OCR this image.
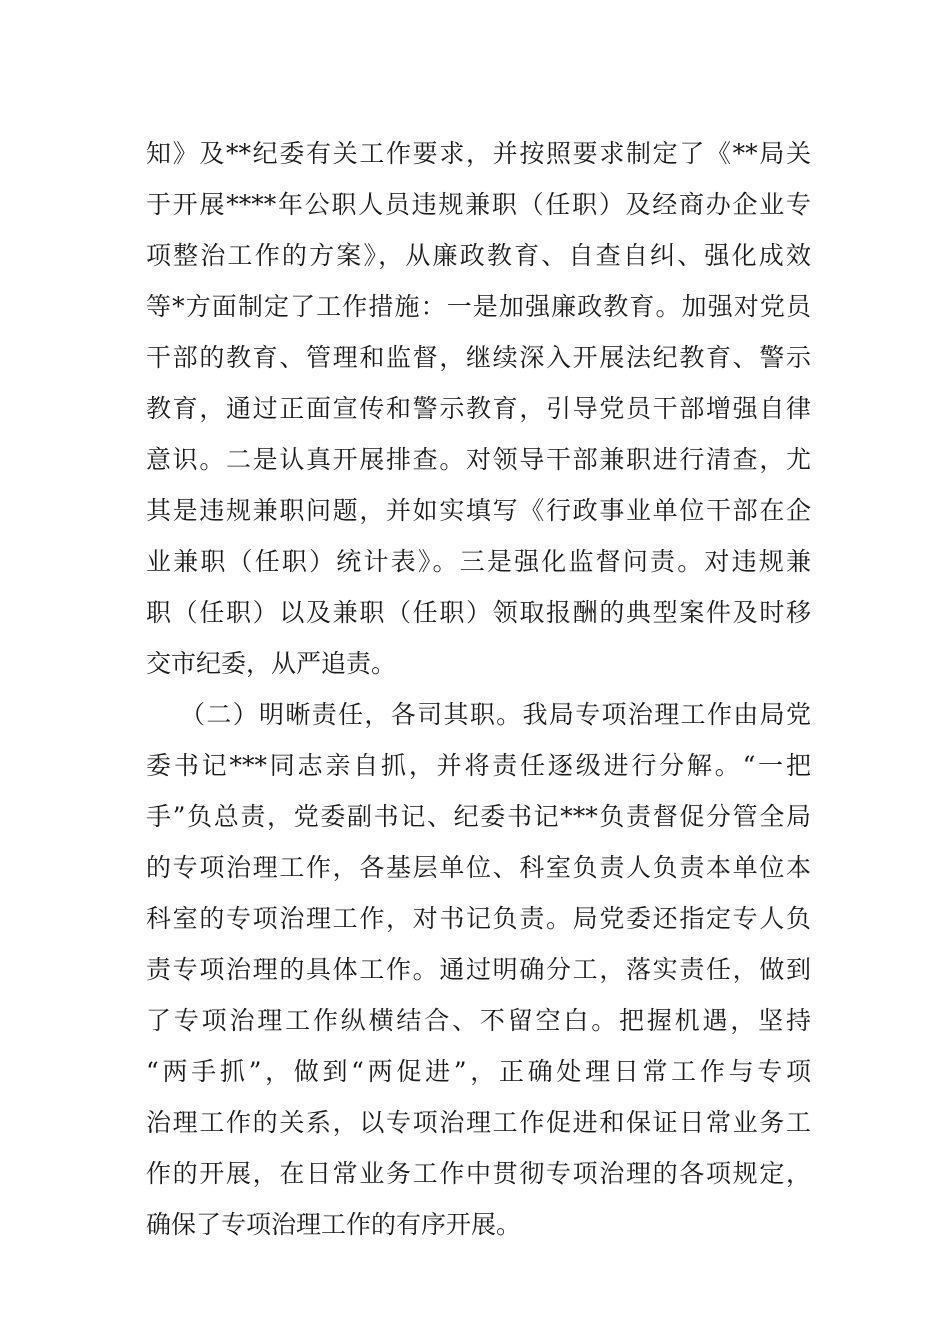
知》及**纪委有关工作要求，并按照要求制定了《**局关
于开展****年公职人员违规兼职（任职）及经商办企业专
项整治工作的方案》，从廉政教育、自查自纠、强化成效
等*方面制定了工作措施：一是加强廉政教育。加强对党员
干部的教育、管理和监督，继续深入开展法纪教育、警示
教育，通过正面宣传和警示教育，引导党员干部增强自律
意识。二是认真开展排查。对领导干部兼职进行清查，尤
其是违规兼职问题，并如实填写《行政事业单位干部在企
业兼职（任职）统计表》。三是强化监督问责。对违规兼
职（任职）以及兼职（任职）领取报酬的典型案件及时移
交市纪委，从严追责。
（二）明晰责任，各司其职。我局专项治理工作由局党
委书记***同志亲自抓，并将责任逐级进行分解。“一把
手”负总责，党委副书记、纪委书记***负责督促分管全局
的专项治理工作，各基层单位、科室负责人负责本单位本
科室的专项治理工作，对书记负责。局党委还指定专人负
责专项治理的具体工作。通过明确分工，落实责任，做到
了专项治理工作纵横结合、不留空白。把握机遇，坚持
“两手抓”，做到“两促进”，正确处理日常工作与专项
治理工作的关系，以专项治理工作促进和保证日常业务工
作的开展，在日常业务工作中贯彻专项治理的各项规定，
确保了专项治理工作的有序开展。
